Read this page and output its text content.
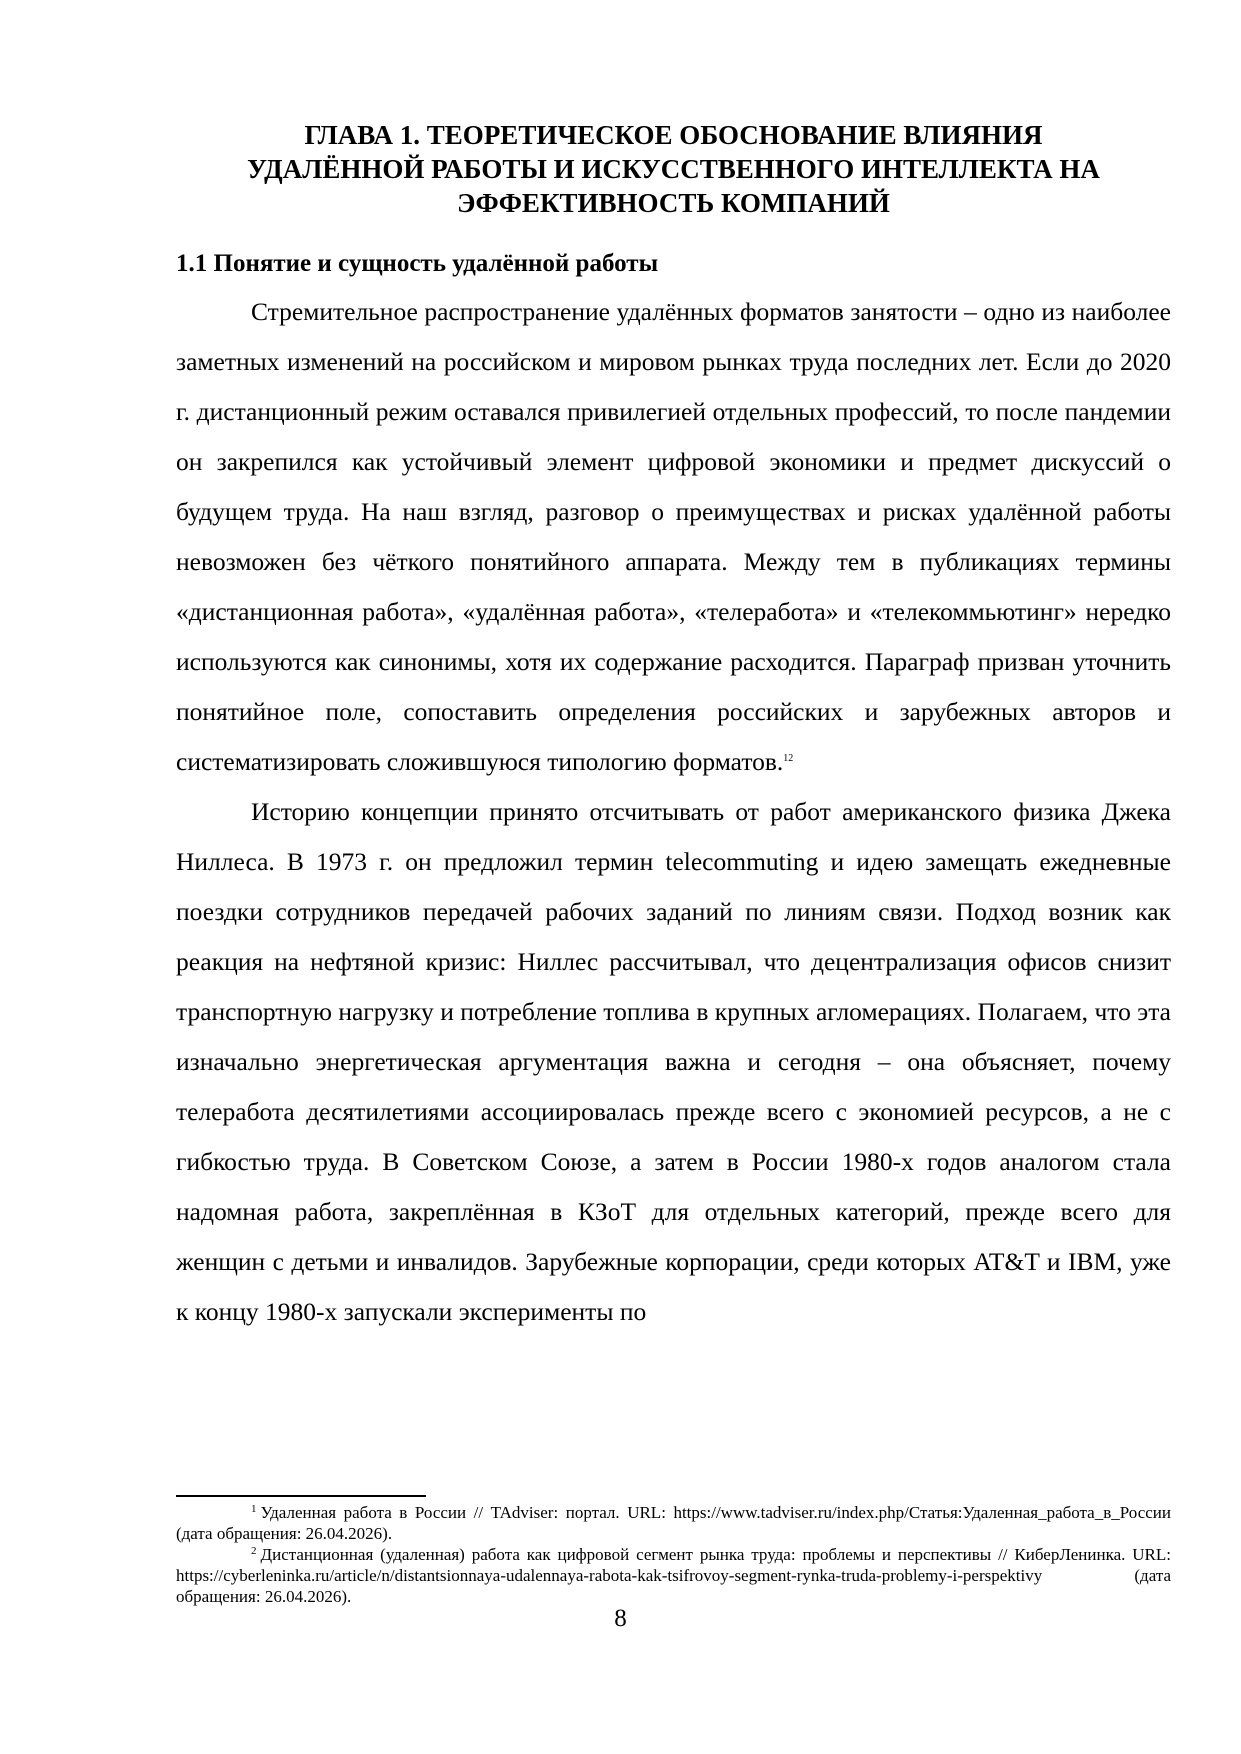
ГЛАВА 1. ТЕОРЕТИЧЕСКОЕ ОБОСНОВАНИЕ ВЛИЯНИЯ
УДАЛЁННОЙ РАБОТЫ И ИСКУССТВЕННОГО ИНТЕЛЛЕКТА НА
ЭФФЕКТИВНОСТЬ КОМПАНИЙ
1.1 Понятие и сущность удалённой работы

Стремительное распространение удалённых форматов занятости – одно из наиболее заметных изменений на российском и мировом рынках труда последних лет. Если до 2020 г. дистанционный режим оставался привилегией отдельных профессий, то после пандемии он закрепился как устойчивый элемент цифровой экономики и предмет дискуссий о будущем труда. На наш взгляд, разговор о преимуществах и рисках удалённой работы невозможен без чёткого понятийного аппарата. Между тем в публикациях термины «дистанционная работа», «удалённая работа», «телеработа» и «телекоммьютинг» нередко используются как синонимы, хотя их содержание расходится. Параграф призван уточнить понятийное поле, сопоставить определения российских и зарубежных авторов и систематизировать сложившуюся типологию форматов.$^{12}$

Историю концепции принято отсчитывать от работ американского физика Джека Ниллеса. В 1973 г. он предложил термин telecommuting и идею замещать ежедневные поездки сотрудников передачей рабочих заданий по линиям связи. Подход возник как реакция на нефтяной кризис: Ниллес рассчитывал, что децентрализация офисов снизит транспортную нагрузку и потребление топлива в крупных агломерациях. Полагаем, что эта изначально энергетическая аргументация важна и сегодня – она объясняет, почему телеработа десятилетиями ассоциировалась прежде всего с экономией ресурсов, а не с гибкостью труда. В Советском Союзе, а затем в России 1980-х годов аналогом стала надомная работа, закреплённая в КЗоТ для отдельных категорий, прежде всего для женщин с детьми и инвалидов. Зарубежные корпорации, среди которых AT&T и IBM, уже к концу 1980-х запускали эксперименты по

$^1$ Удаленная работа в России // TAdviser: портал. URL: https://www.tadviser.ru/index.php/Статья:Удаленная_работа_в_России (дата обращения: 26.04.2026).

$^2$ Дистанционная (удаленная) работа как цифровой сегмент рынка труда: проблемы и перспективы // КиберЛенинка. URL: https://cyberleninka.ru/article/n/distantsionnaya-udalennaya-rabota-kak-tsifrovoy-segment-rynka-truda-problemy-i-perspektivy (дата обращения: 26.04.2026).

8
